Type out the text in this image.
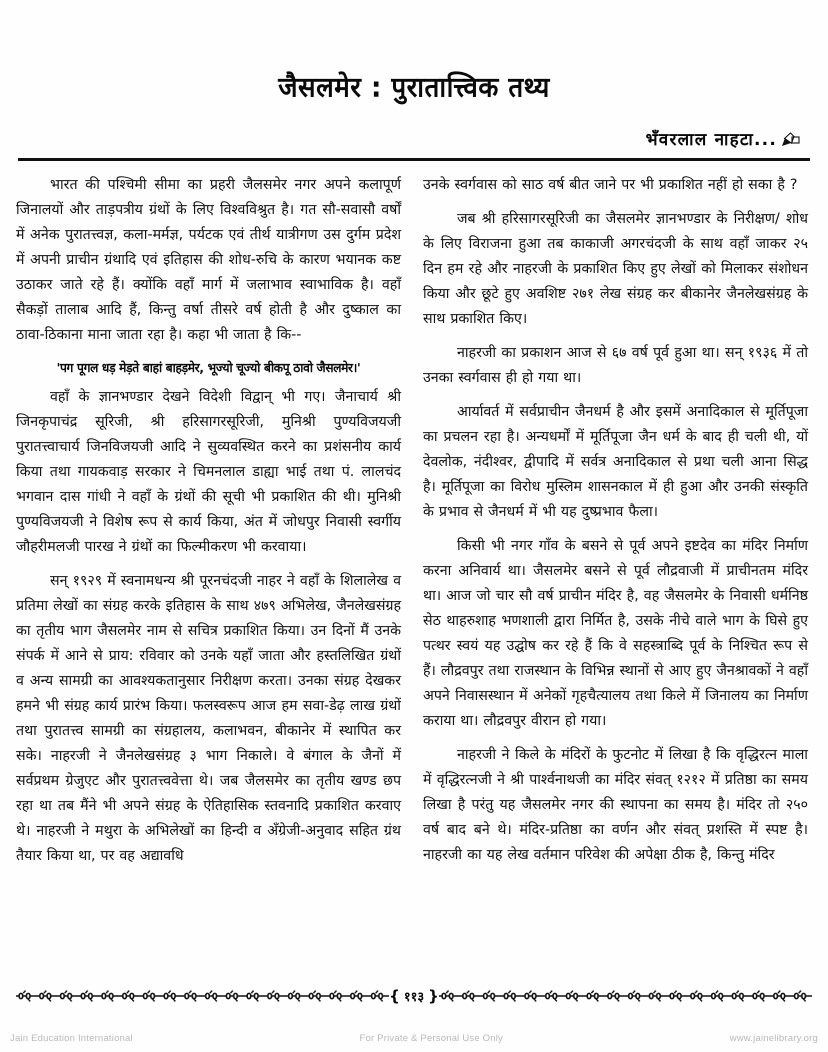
जैसलमेर : पुरातात्त्विक तथ्य
भँवरलाल नाहटा...

भारत की पश्चिमी सीमा का प्रहरी जैलसमेर नगर अपने कलापूर्ण जिनालयों और ताड़पत्रीय ग्रंथों के लिए विश्वविश्रुत है। गत सौ-सवासौ वर्षों में अनेक पुरातत्त्वज्ञ, कला-मर्मज्ञ, पर्यटक एवं तीर्थ यात्रीगण उस दुर्गम प्रदेश में अपनी प्राचीन ग्रंथादि एवं इतिहास की शोध-रुचि के कारण भयानक कष्ट उठाकर जाते रहे हैं। क्योंकि वहाँ मार्ग में जलाभाव स्वाभाविक है। वहाँ सैकड़ों तालाब आदि हैं, किन्तु वर्षा तीसरे वर्ष होती है और दुष्काल का ठावा-ठिकाना माना जाता रहा है। कहा भी जाता है कि--

'पग पूगल धड़ मेड़ते बाहां बाहड़मेर, भूज्यो चूज्यो बीकपू ठावो जैसलमेर।'

वहाँ के ज्ञानभण्डार देखने विदेशी विद्वान् भी गए। जैनाचार्य श्री जिनकृपाचंद्र सूरिजी, श्री हरिसागरसूरिजी, मुनिश्री पुण्यविजयजी पुरातत्त्वाचार्य जिनविजयजी आदि ने सुव्यवस्थित करने का प्रशंसनीय कार्य किया तथा गायकवाड़ सरकार ने चिमनलाल डाह्या भाई तथा पं. लालचंद भगवान दास गांधी ने वहाँ के ग्रंथों की सूची भी प्रकाशित की थी। मुनिश्री पुण्यविजयजी ने विशेष रूप से कार्य किया, अंत में जोधपुर निवासी स्वर्गीय जौहरीमलजी पारख ने ग्रंथों का फिल्मीकरण भी करवाया।

सन् १९२९ में स्वनामधन्य श्री पूरनचंदजी नाहर ने वहाँ के शिलालेख व प्रतिमा लेखों का संग्रह करके इतिहास के साथ ४७९ अभिलेख, जैनलेखसंग्रह का तृतीय भाग जैसलमेर नाम से सचित्र प्रकाशित किया। उन दिनों मैं उनके संपर्क में आने से प्राय: रविवार को उनके यहाँ जाता और हस्तलिखित ग्रंथों व अन्य सामग्री का आवश्यकतानुसार निरीक्षण करता। उनका संग्रह देखकर हमने भी संग्रह कार्य प्रारंभ किया। फलस्वरूप आज हम सवा-डेढ़ लाख ग्रंथों तथा पुरातत्त्व सामग्री का संग्रहालय, कलाभवन, बीकानेर में स्थापित कर सके। नाहरजी ने जैनलेखसंग्रह ३ भाग निकाले। वे बंगाल के जैनों में सर्वप्रथम ग्रेजुएट और पुरातत्त्ववेत्ता थे। जब जैलसमेर का तृतीय खण्ड छप रहा था तब मैंने भी अपने संग्रह के ऐतिहासिक स्तवनादि प्रकाशित करवाए थे। नाहरजी ने मथुरा के अभिलेखों का हिन्दी व अँग्रेजी-अनुवाद सहित ग्रंथ तैयार किया था, पर वह अद्यावधि

उनके स्वर्गवास को साठ वर्ष बीत जाने पर भी प्रकाशित नहीं हो सका है ?

जब श्री हरिसागरसूरिजी का जैसलमेर ज्ञानभण्डार के निरीक्षण/ शोध के लिए विराजना हुआ तब काकाजी अगरचंदजी के साथ वहाँ जाकर २५ दिन हम रहे और नाहरजी के प्रकाशित किए हुए लेखों को मिलाकर संशोधन किया और छूटे हुए अवशिष्ट २७१ लेख संग्रह कर बीकानेर जैनलेखसंग्रह के साथ प्रकाशित किए।

नाहरजी का प्रकाशन आज से ६७ वर्ष पूर्व हुआ था। सन् १९३६ में तो उनका स्वर्गवास ही हो गया था।

आर्यावर्त में सर्वप्राचीन जैनधर्म है और इसमें अनादिकाल से मूर्तिपूजा का प्रचलन रहा है। अन्यधर्मों में मूर्तिपूजा जैन धर्म के बाद ही चली थी, यों देवलोक, नंदीश्वर, द्वीपादि में सर्वत्र अनादिकाल से प्रथा चली आना सिद्ध है। मूर्तिपूजा का विरोध मुस्लिम शासनकाल में ही हुआ और उनकी संस्कृति के प्रभाव से जैनधर्म में भी यह दुष्प्रभाव फैला।

किसी भी नगर गाँव के बसने से पूर्व अपने इष्टदेव का मंदिर निर्माण करना अनिवार्य था। जैसलमेर बसने से पूर्व लौद्रवाजी में प्राचीनतम मंदिर था। आज जो चार सौ वर्ष प्राचीन मंदिर है, वह जैसलमेर के निवासी धर्मनिष्ठ सेठ थाहरुशाह भणशाली द्वारा निर्मित है, उसके नीचे वाले भाग के घिसे हुए पत्थर स्वयं यह उद्घोष कर रहे हैं कि वे सहस्त्राब्दि पूर्व के निश्चित रूप से हैं। लौद्रवपुर तथा राजस्थान के विभिन्न स्थानों से आए हुए जैनश्रावकों ने वहाँ अपने निवासस्थान में अनेकों गृहचैत्यालय तथा किले में जिनालय का निर्माण कराया था। लौद्रवपुर वीरान हो गया।

नाहरजी ने किले के मंदिरों के फुटनोट में लिखा है कि वृद्धिरत्न माला में वृद्धिरत्नजी ने श्री पार्श्वनाथजी का मंदिर संवत् १२१२ में प्रतिष्ठा का समय लिखा है परंतु यह जैसलमेर नगर की स्थापना का समय है। मंदिर तो २५० वर्ष बाद बने थे। मंदिर-प्रतिष्ठा का वर्णन और संवत् प्रशस्ति में स्पष्ट है। नाहरजी का यह लेख वर्तमान परिवेश की अपेक्षा ठीक है, किन्तु मंदिर

{ ११३ }
Jain Education International	For Private & Personal Use Only	www.jainelibrary.org
